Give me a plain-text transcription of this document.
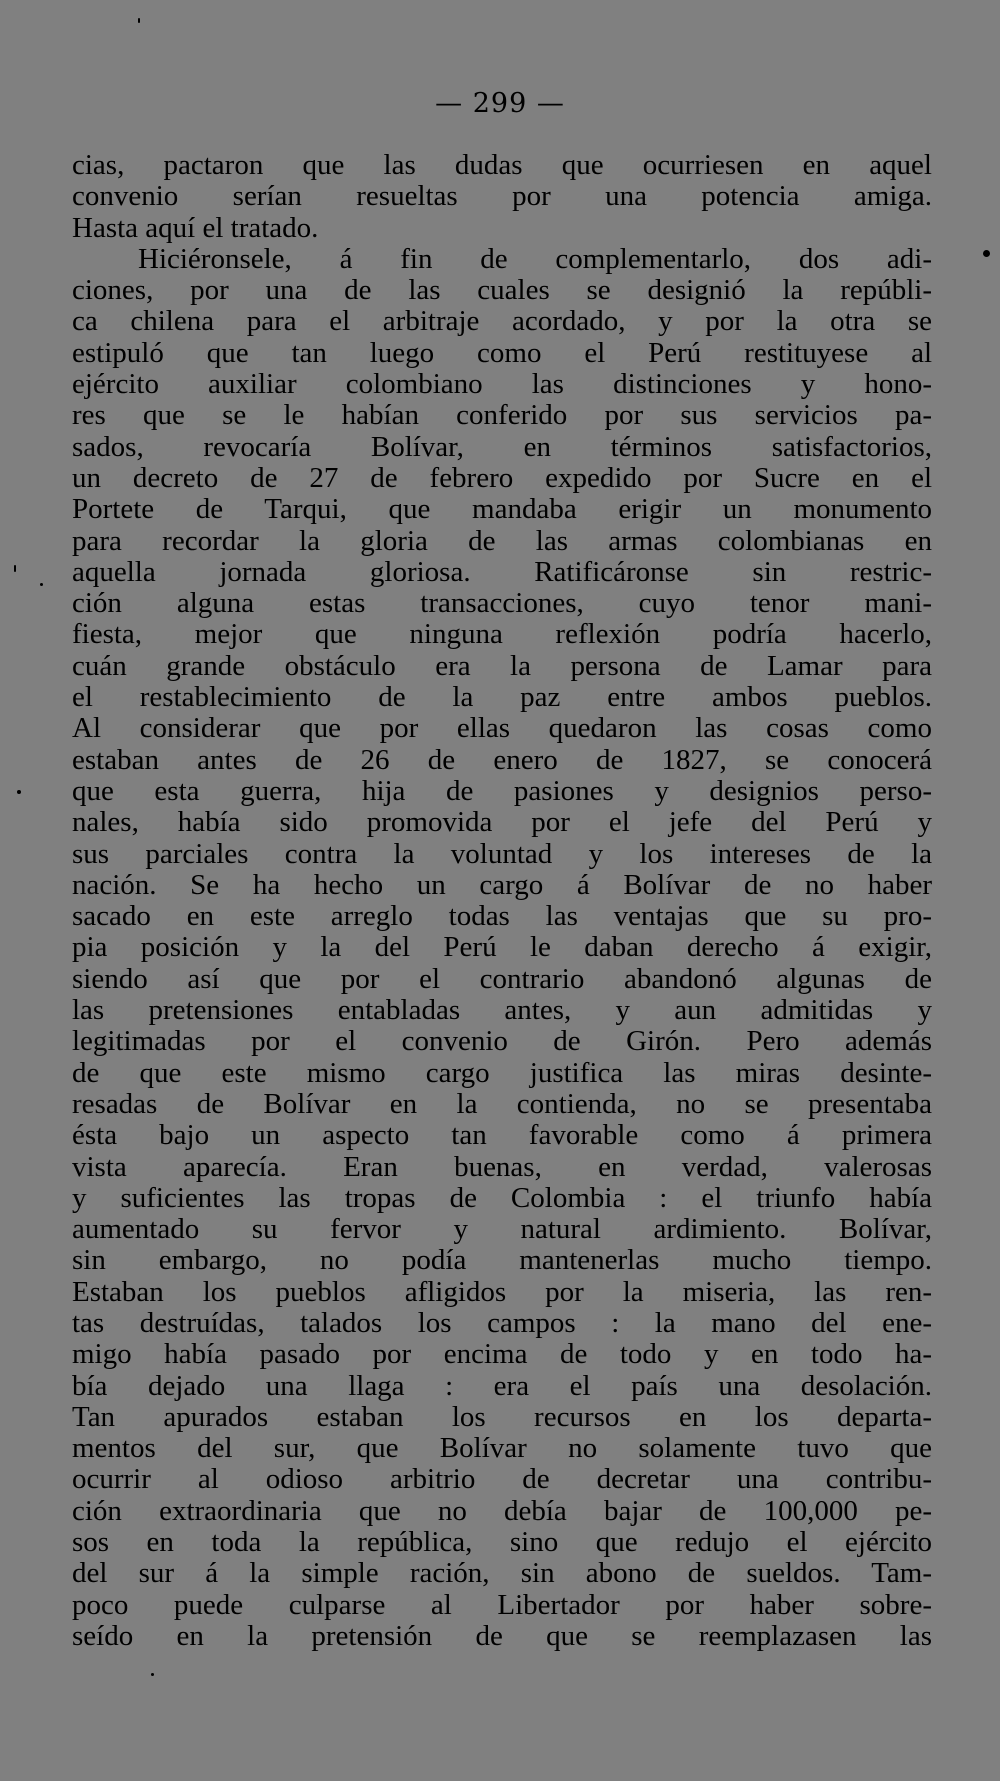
— 299 —
cias, pactaron que las dudas que ocurriesen en aquel
convenio serían resueltas por una potencia amiga.
Hasta aquí el tratado.
Hiciéronsele, á fin de complementarlo, dos adi-
ciones, por una de las cuales se designió la repúbli-
ca chilena para el arbitraje acordado, y por la otra se
estipuló que tan luego como el Perú restituyese al
ejército auxiliar colombiano las distinciones y hono-
res que se le habían conferido por sus servicios pa-
sados, revocaría Bolívar, en términos satisfactorios,
un decreto de 27 de febrero expedido por Sucre en el
Portete de Tarqui, que mandaba erigir un monumento
para recordar la gloria de las armas colombianas en
aquella jornada gloriosa. Ratificáronse sin restric-
ción alguna estas transacciones, cuyo tenor mani-
fiesta, mejor que ninguna reflexión podría hacerlo,
cuán grande obstáculo era la persona de Lamar para
el restablecimiento de la paz entre ambos pueblos.
Al considerar que por ellas quedaron las cosas como
estaban antes de 26 de enero de 1827, se conocerá
que esta guerra, hija de pasiones y designios perso-
nales, había sido promovida por el jefe del Perú y
sus parciales contra la voluntad y los intereses de la
nación. Se ha hecho un cargo á Bolívar de no haber
sacado en este arreglo todas las ventajas que su pro-
pia posición y la del Perú le daban derecho á exigir,
siendo así que por el contrario abandonó algunas de
las pretensiones entabladas antes, y aun admitidas y
legitimadas por el convenio de Girón. Pero además
de que este mismo cargo justifica las miras desinte-
resadas de Bolívar en la contienda, no se presentaba
ésta bajo un aspecto tan favorable como á primera
vista aparecía. Eran buenas, en verdad, valerosas
y suficientes las tropas de Colombia : el triunfo había
aumentado su fervor y natural ardimiento. Bolívar,
sin embargo, no podía mantenerlas mucho tiempo.
Estaban los pueblos afligidos por la miseria, las ren-
tas destruídas, talados los campos : la mano del ene-
migo había pasado por encima de todo y en todo ha-
bía dejado una llaga : era el país una desolación.
Tan apurados estaban los recursos en los departa-
mentos del sur, que Bolívar no solamente tuvo que
ocurrir al odioso arbitrio de decretar una contribu-
ción extraordinaria que no debía bajar de 100,000 pe-
sos en toda la república, sino que redujo el ejército
del sur á la simple ración, sin abono de sueldos. Tam-
poco puede culparse al Libertador por haber sobre-
seído en la pretensión de que se reemplazasen las
